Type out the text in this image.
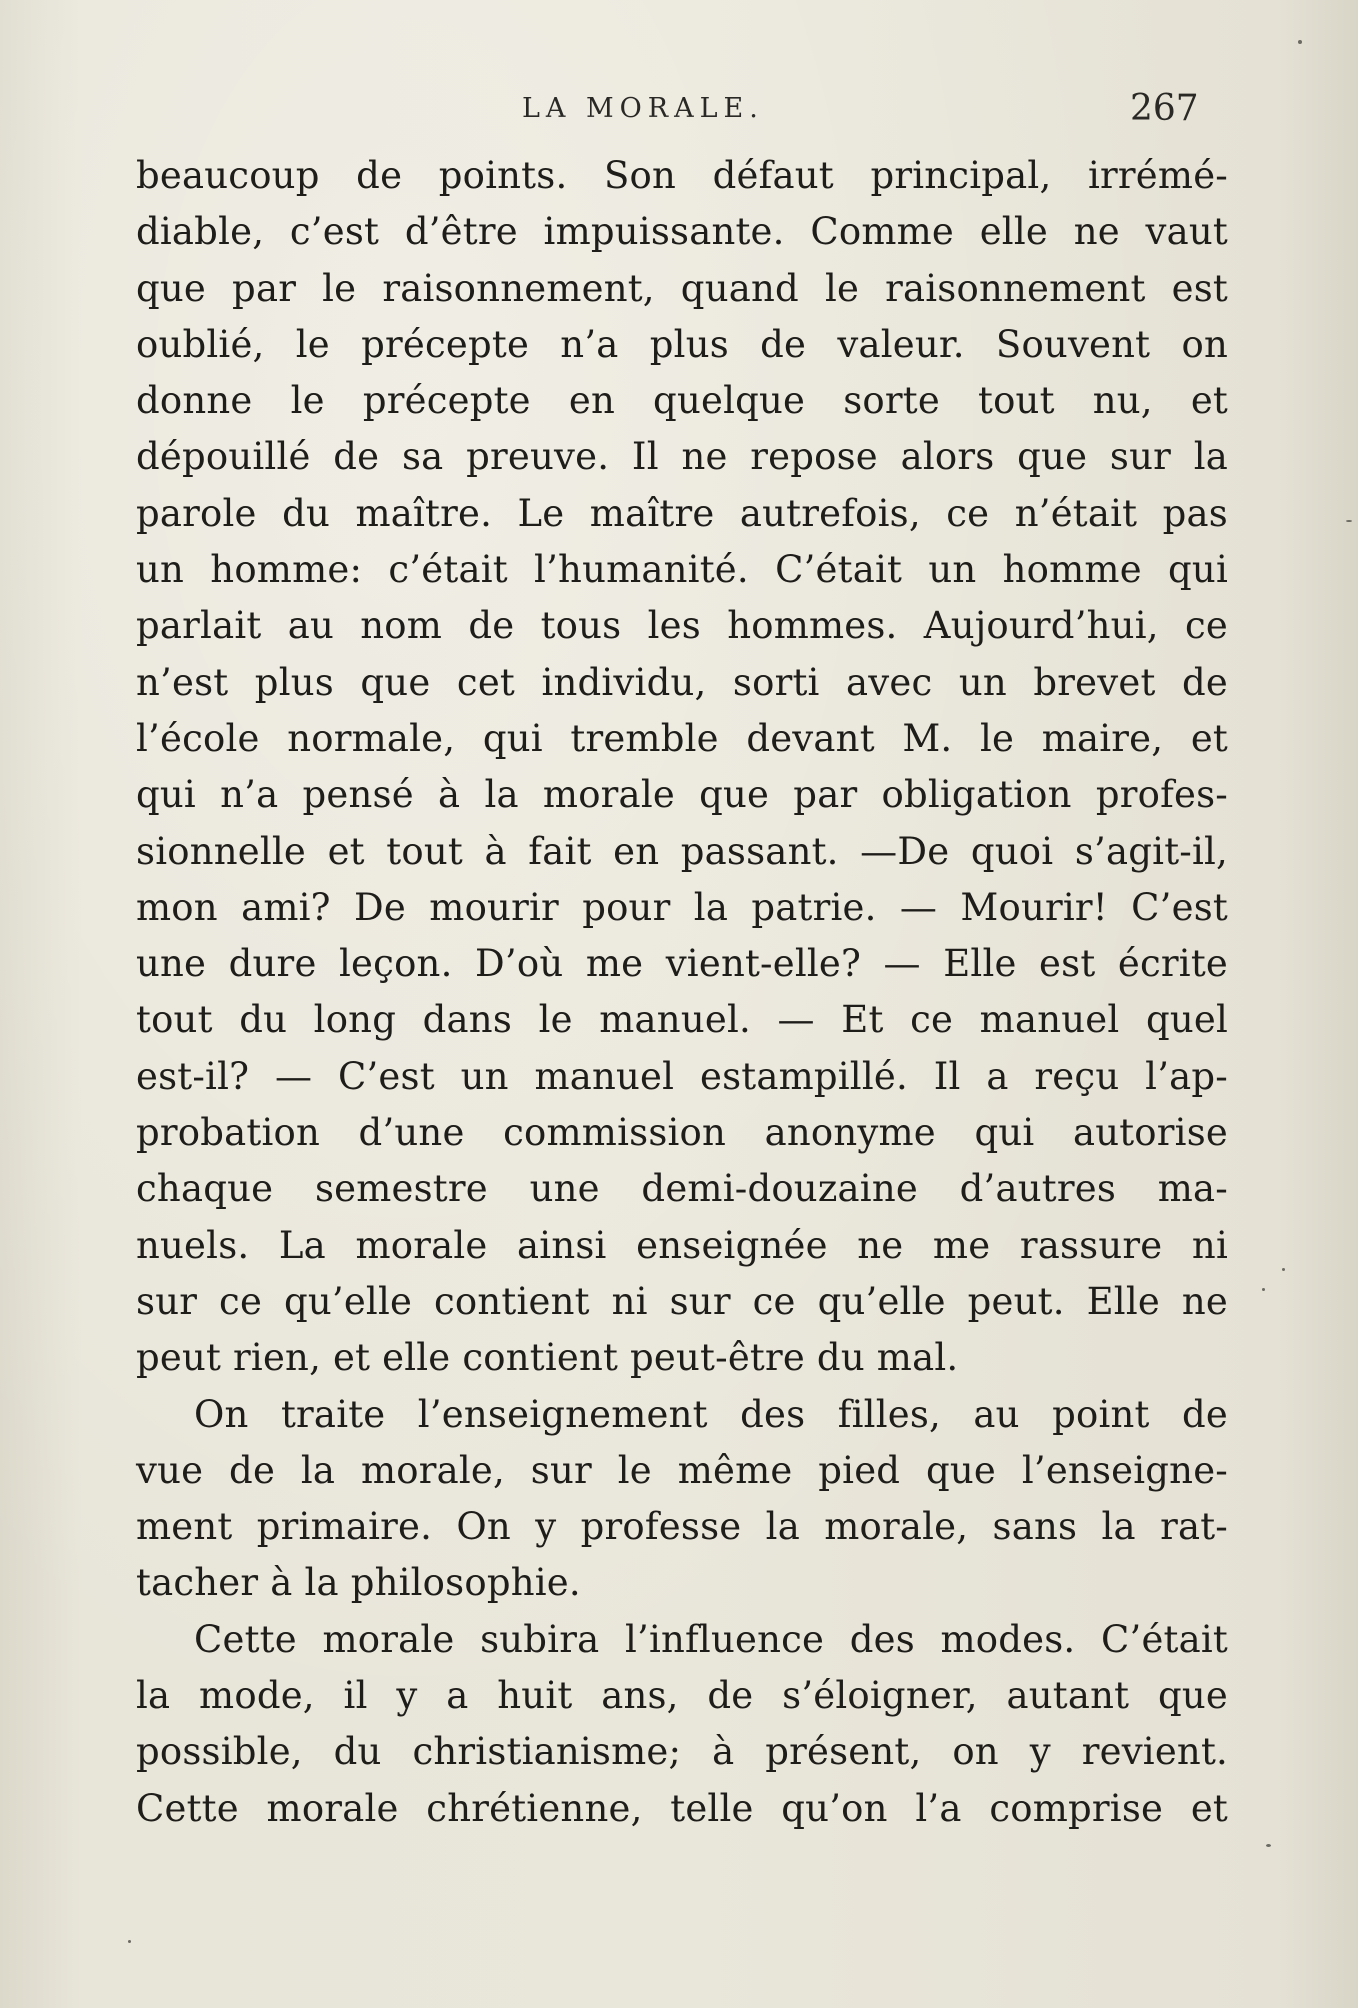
LA MORALE.	267
beaucoup de points. Son défaut principal, irrémé-
diable, c’est d’être impuissante. Comme elle ne vaut
que par le raisonnement, quand le raisonnement est
oublié, le précepte n’a plus de valeur. Souvent on
donne le précepte en quelque sorte tout nu, et
dépouillé de sa preuve. Il ne repose alors que sur la
parole du maître. Le maître autrefois, ce n’était pas
un homme: c’était l’humanité. C’était un homme qui
parlait au nom de tous les hommes. Aujourd’hui, ce
n’est plus que cet individu, sorti avec un brevet de
l’école normale, qui tremble devant M. le maire, et
qui n’a pensé à la morale que par obligation profes-
sionnelle et tout à fait en passant. —De quoi s’agit-il,
mon ami? De mourir pour la patrie. — Mourir! C’est
une dure leçon. D’où me vient-elle? — Elle est écrite
tout du long dans le manuel. — Et ce manuel quel
est-il? — C’est un manuel estampillé. Il a reçu l’ap-
probation d’une commission anonyme qui autorise
chaque semestre une demi-douzaine d’autres ma-
nuels. La morale ainsi enseignée ne me rassure ni
sur ce qu’elle contient ni sur ce qu’elle peut. Elle ne
peut rien, et elle contient peut-être du mal.
On traite l’enseignement des filles, au point de
vue de la morale, sur le même pied que l’enseigne-
ment primaire. On y professe la morale, sans la rat-
tacher à la philosophie.
Cette morale subira l’influence des modes. C’était
la mode, il y a huit ans, de s’éloigner, autant que
possible, du christianisme; à présent, on y revient.
Cette morale chrétienne, telle qu’on l’a comprise et
